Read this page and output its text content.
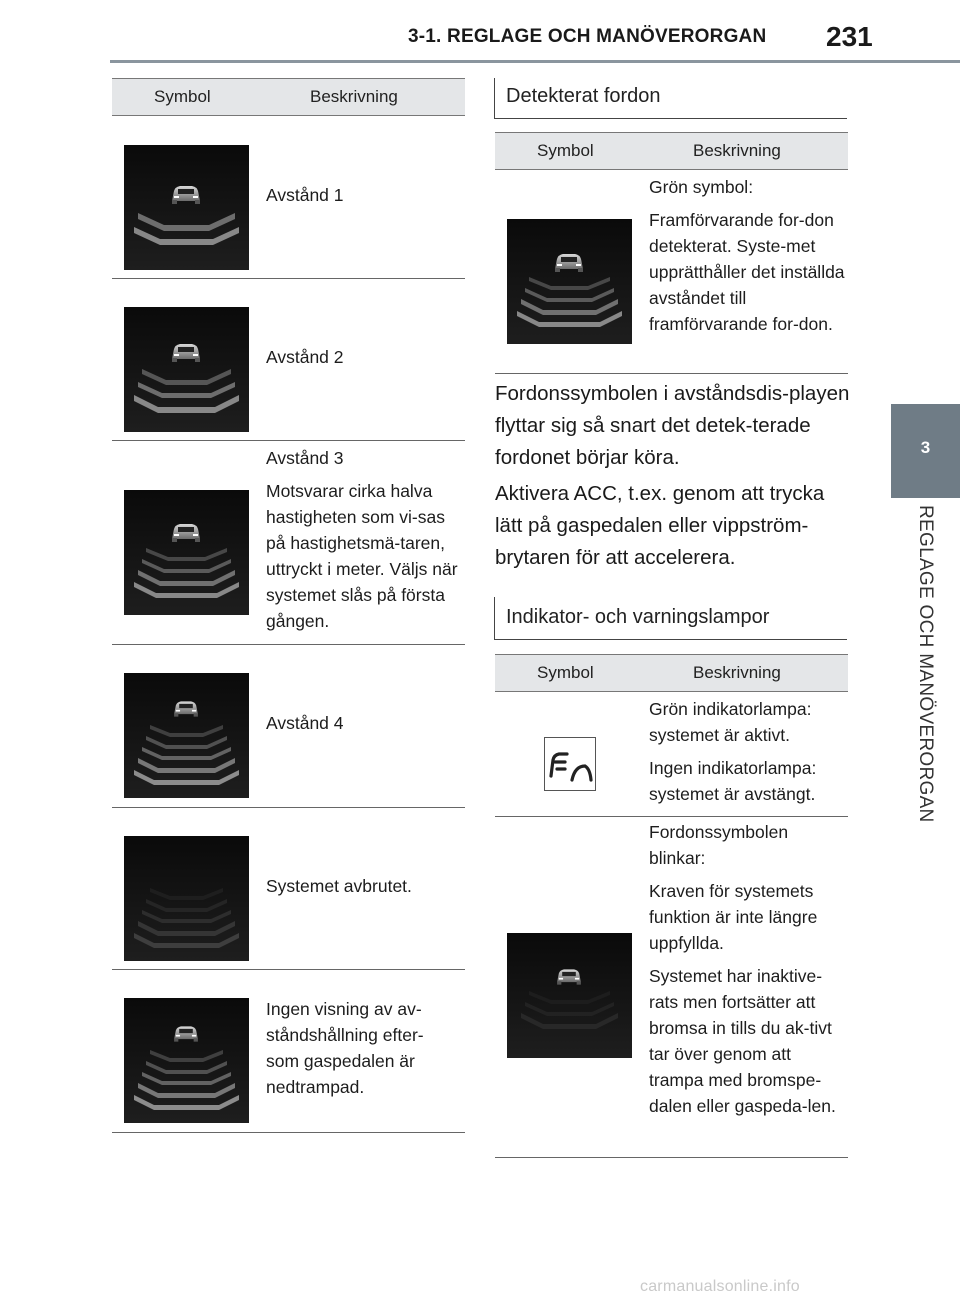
3-1. REGLAGE OCH MANÖVERORGAN 231
3
REGLAGE OCH MANÖVERORGAN
Symbol	Beskrivning

Avstånd 1

Avstånd 2

Avstånd 3

Motsvarar cirka halva hastigheten som vi-sas på hastighetsmä-taren, uttryckt i meter. Väljs när systemet slås på första gången.

Avstånd 4

Systemet avbrutet.

Ingen visning av av-ståndshållning efter-som gaspedalen är nedtrampad.

Detekterat fordon
Symbol	Beskrivning

Grön symbol:

Framförvarande for-don detekterat. Syste-met upprätthåller det inställda avståndet till framförvarande for-don.

Fordonssymbolen i avståndsdis-playen flyttar sig så snart det detek-terade fordonet börjar köra.

Aktivera ACC, t.ex. genom att trycka lätt på gaspedalen eller vippström-brytaren för att accelerera.

Indikator- och varningslampor
Symbol	Beskrivning

Grön indikatorlampa: systemet är aktivt.

Ingen indikatorlampa: systemet är avstängt.

Fordonssymbolen blinkar:

Kraven för systemets funktion är inte längre uppfyllda.

Systemet har inaktive-rats men fortsätter att bromsa in tills du ak-tivt tar över genom att trampa med bromspe-dalen eller gaspeda-len.

carmanualsonline.info
